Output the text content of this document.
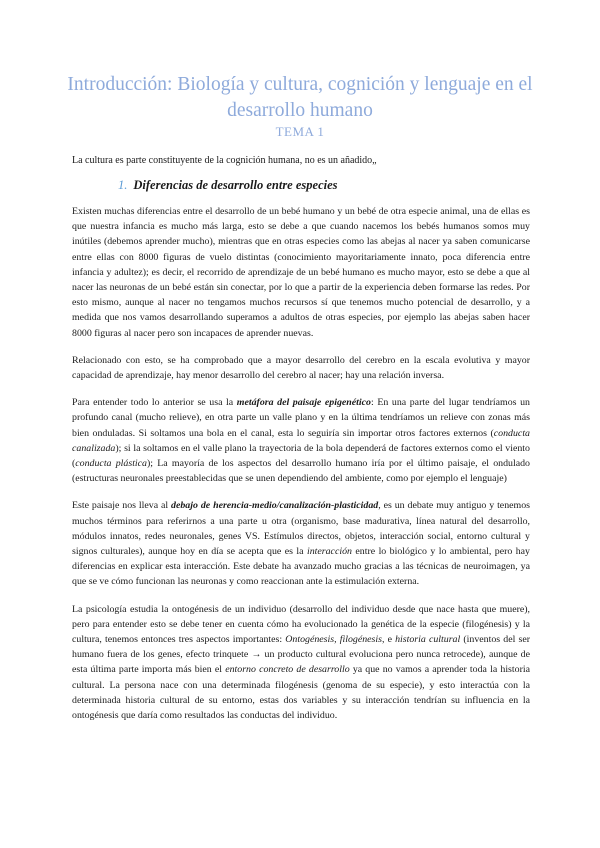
Introducción: Biología y cultura, cognición y lenguaje en el desarrollo humano
TEMA 1
La cultura es parte constituyente de la cognición humana, no es un añadido„
1. Diferencias de desarrollo entre especies

Existen muchas diferencias entre el desarrollo de un bebé humano y un bebé de otra especie animal, una de ellas es que nuestra infancia es mucho más larga, esto se debe a que cuando nacemos los bebés humanos somos muy inútiles (debemos aprender mucho), mientras que en otras especies como las abejas al nacer ya saben comunicarse entre ellas con 8000 figuras de vuelo distintas (conocimiento mayoritariamente innato, poca diferencia entre infancia y adultez); es decir, el recorrido de aprendizaje de un bebé humano es mucho mayor, esto se debe a que al nacer las neuronas de un bebé están sin conectar, por lo que a partir de la experiencia deben formarse las redes. Por esto mismo, aunque al nacer no tengamos muchos recursos sí que tenemos mucho potencial de desarrollo, y a medida que nos vamos desarrollando superamos a adultos de otras especies, por ejemplo las abejas saben hacer 8000 figuras al nacer pero son incapaces de aprender nuevas.

Relacionado con esto, se ha comprobado que a mayor desarrollo del cerebro en la escala evolutiva y mayor capacidad de aprendizaje, hay menor desarrollo del cerebro al nacer; hay una relación inversa.

Para entender todo lo anterior se usa la metáfora del paisaje epigenético: En una parte del lugar tendríamos un profundo canal (mucho relieve), en otra parte un valle plano y en la última tendríamos un relieve con zonas más bien onduladas. Si soltamos una bola en el canal, esta lo seguiría sin importar otros factores externos (conducta canalizada); si la soltamos en el valle plano la trayectoria de la bola dependerá de factores externos como el viento (conducta plástica); La mayoría de los aspectos del desarrollo humano iría por el último paisaje, el ondulado (estructuras neuronales preestablecidas que se unen dependiendo del ambiente, como por ejemplo el lenguaje)

Este paisaje nos lleva al debajo de herencia-medio/canalización-plasticidad, es un debate muy antiguo y tenemos muchos términos para referirnos a una parte u otra (organismo, base madurativa, línea natural del desarrollo, módulos innatos, redes neuronales, genes VS. Estímulos directos, objetos, interacción social, entorno cultural y signos culturales), aunque hoy en día se acepta que es la interacción entre lo biológico y lo ambiental, pero hay diferencias en explicar esta interacción. Este debate ha avanzado mucho gracias a las técnicas de neuroimagen, ya que se ve cómo funcionan las neuronas y como reaccionan ante la estimulación externa.

La psicología estudia la ontogénesis de un individuo (desarrollo del individuo desde que nace hasta que muere), pero para entender esto se debe tener en cuenta cómo ha evolucionado la genética de la especie (filogénesis) y la cultura, tenemos entonces tres aspectos importantes: Ontogénesis, filogénesis, e historia cultural (inventos del ser humano fuera de los genes, efecto trinquete → un producto cultural evoluciona pero nunca retrocede), aunque de esta última parte importa más bien el entorno concreto de desarrollo ya que no vamos a aprender toda la historia cultural. La persona nace con una determinada filogénesis (genoma de su especie), y esto interactúa con la determinada historia cultural de su entorno, estas dos variables y su interacción tendrían su influencia en la ontogénesis que daría como resultados las conductas del individuo.
